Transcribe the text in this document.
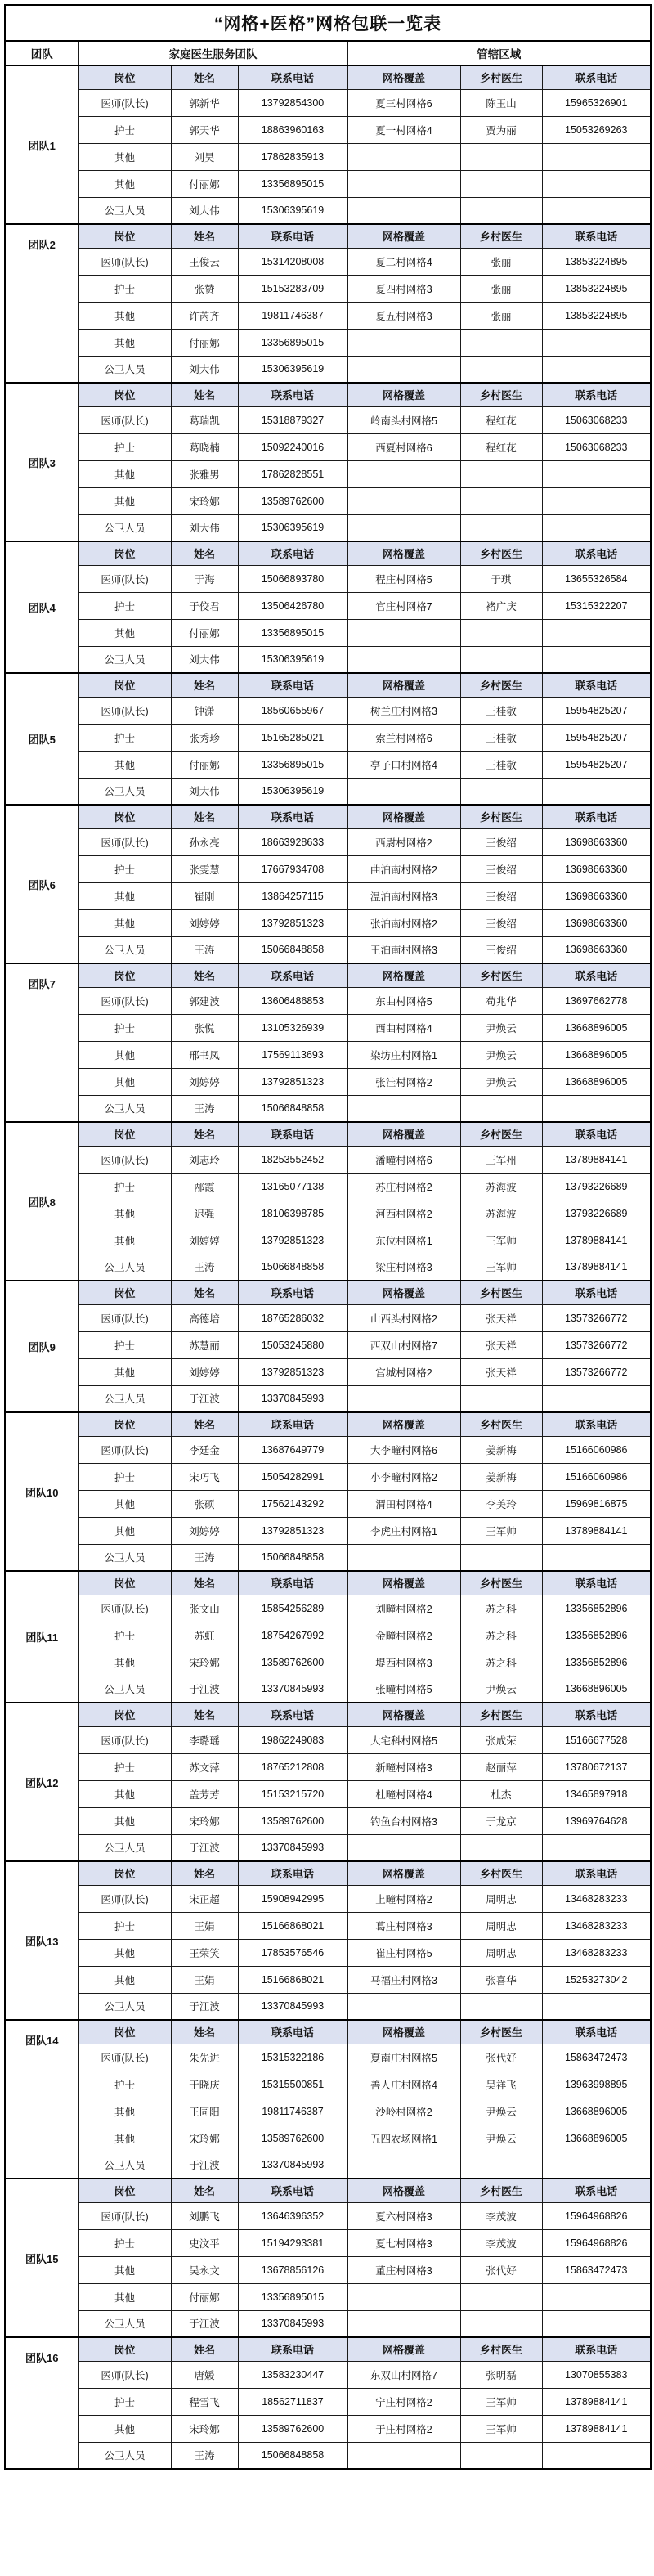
“网格+医格”网格包联一览表						
团队	家庭医生服务团队			管辖区域		
团队1	岗位	姓名	联系电话	网格覆盖	乡村医生	联系电话
	医师(队长)	郭新华	13792854300	夏三村网格6	陈玉山	15965326901
	护士	郭天华	18863960163	夏一村网格4	贾为丽	15053269263
	其他	刘昊	17862835913			
	其他	付丽娜	13356895015			
	公卫人员	刘大伟	15306395619			
团队2	岗位	姓名	联系电话	网格覆盖	乡村医生	联系电话
	医师(队长)	王俊云	15314208008	夏二村网格4	张丽	13853224895
	护士	张赞	15153283709	夏四村网格3	张丽	13853224895
	其他	许芮齐	19811746387	夏五村网格3	张丽	13853224895
	其他	付丽娜	13356895015			
	公卫人员	刘大伟	15306395619			
团队3	岗位	姓名	联系电话	网格覆盖	乡村医生	联系电话
	医师(队长)	葛瑞凯	15318879327	岭南头村网格5	程红花	15063068233
	护士	葛晓楠	15092240016	西夏村网格6	程红花	15063068233
	其他	张雅男	17862828551			
	其他	宋玲娜	13589762600			
	公卫人员	刘大伟	15306395619			
团队4	岗位	姓名	联系电话	网格覆盖	乡村医生	联系电话
	医师(队长)	于海	15066893780	程庄村网格5	于琪	13655326584
	护士	于佼君	13506426780	官庄村网格7	褚广庆	15315322207
	其他	付丽娜	13356895015			
	公卫人员	刘大伟	15306395619			
团队5	岗位	姓名	联系电话	网格覆盖	乡村医生	联系电话
	医师(队长)	钟潇	18560655967	树兰庄村网格3	王桂敬	15954825207
	护士	张秀珍	15165285021	索兰村网格6	王桂敬	15954825207
	其他	付丽娜	13356895015	亭子口村网格4	王桂敬	15954825207
	公卫人员	刘大伟	15306395619			
团队6	岗位	姓名	联系电话	网格覆盖	乡村医生	联系电话
	医师(队长)	孙永亮	18663928633	西尉村网格2	王俊绍	13698663360
	护士	张雯慧	17667934708	曲泊南村网格2	王俊绍	13698663360
	其他	崔刚	13864257115	温泊南村网格3	王俊绍	13698663360
	其他	刘婷婷	13792851323	张泊南村网格2	王俊绍	13698663360
	公卫人员	王涛	15066848858	王泊南村网格3	王俊绍	13698663360
团队7	岗位	姓名	联系电话	网格覆盖	乡村医生	联系电话
	医师(队长)	郭建波	13606486853	东曲村网格5	苟兆华	13697662778
	护士	张悦	13105326939	西曲村网格4	尹焕云	13668896005
	其他	邢书凤	17569113693	染坊庄村网格1	尹焕云	13668896005
	其他	刘婷婷	13792851323	张洼村网格2	尹焕云	13668896005
	公卫人员	王涛	15066848858			
团队8	岗位	姓名	联系电话	网格覆盖	乡村医生	联系电话
	医师(队长)	刘志玲	18253552452	潘疃村网格6	王军州	13789884141
	护士	邴霞	13165077138	苏庄村网格2	苏海波	13793226689
	其他	迟强	18106398785	河西村网格2	苏海波	13793226689
	其他	刘婷婷	13792851323	东位村网格1	王军帅	13789884141
	公卫人员	王涛	15066848858	梁庄村网格3	王军帅	13789884141
团队9	岗位	姓名	联系电话	网格覆盖	乡村医生	联系电话
	医师(队长)	高德培	18765286032	山西头村网格2	张天祥	13573266772
	护士	苏慧丽	15053245880	西双山村网格7	张天祥	13573266772
	其他	刘婷婷	13792851323	宫城村网格2	张天祥	13573266772
	公卫人员	于江波	13370845993			
团队10	岗位	姓名	联系电话	网格覆盖	乡村医生	联系电话
	医师(队长)	李廷金	13687649779	大李疃村网格6	姜新梅	15166060986
	护士	宋巧飞	15054282991	小李疃村网格2	姜新梅	15166060986
	其他	张硕	17562143292	渭田村网格4	李美玲	15969816875
	其他	刘婷婷	13792851323	李虎庄村网格1	王军帅	13789884141
	公卫人员	王涛	15066848858			
团队11	岗位	姓名	联系电话	网格覆盖	乡村医生	联系电话
	医师(队长)	张文山	15854256289	刘疃村网格2	苏之科	13356852896
	护士	苏虹	18754267992	金疃村网格2	苏之科	13356852896
	其他	宋玲娜	13589762600	堤西村网格3	苏之科	13356852896
	公卫人员	于江波	13370845993	张疃村网格5	尹焕云	13668896005
团队12	岗位	姓名	联系电话	网格覆盖	乡村医生	联系电话
	医师(队长)	李璐瑶	19862249083	大宅科村网格5	张成荣	15166677528
	护士	苏文萍	18765212808	新疃村网格3	赵丽萍	13780672137
	其他	盖芳芳	15153215720	杜疃村网格4	杜杰	13465897918
	其他	宋玲娜	13589762600	钓鱼台村网格3	于龙京	13969764628
	公卫人员	于江波	13370845993			
团队13	岗位	姓名	联系电话	网格覆盖	乡村医生	联系电话
	医师(队长)	宋正超	15908942995	上疃村网格2	周明忠	13468283233
	护士	王娟	15166868021	葛庄村网格3	周明忠	13468283233
	其他	王荣笑	17853576546	崔庄村网格5	周明忠	13468283233
	其他	王娟	15166868021	马福庄村网格3	张喜华	15253273042
	公卫人员	于江波	13370845993			
团队14	岗位	姓名	联系电话	网格覆盖	乡村医生	联系电话
	医师(队长)	朱先进	15315322186	夏南庄村网格5	张代好	15863472473
	护士	于晓庆	15315500851	善人庄村网格4	吴祥飞	13963998895
	其他	王同阳	19811746387	沙岭村网格2	尹焕云	13668896005
	其他	宋玲娜	13589762600	五四农场网格1	尹焕云	13668896005
	公卫人员	于江波	13370845993			
团队15	岗位	姓名	联系电话	网格覆盖	乡村医生	联系电话
	医师(队长)	刘鹏飞	13646396352	夏六村网格3	李茂波	15964968826
	护士	史汶平	15194293381	夏七村网格3	李茂波	15964968826
	其他	吴永文	13678856126	董庄村网格3	张代好	15863472473
	其他	付丽娜	13356895015			
	公卫人员	于江波	13370845993			
团队16	岗位	姓名	联系电话	网格覆盖	乡村医生	联系电话
	医师(队长)	唐媛	13583230447	东双山村网格7	张明磊	13070855383
	护士	程雪飞	18562711837	宁庄村网格2	王军帅	13789884141
	其他	宋玲娜	13589762600	于庄村网格2	王军帅	13789884141
	公卫人员	王涛	15066848858			
